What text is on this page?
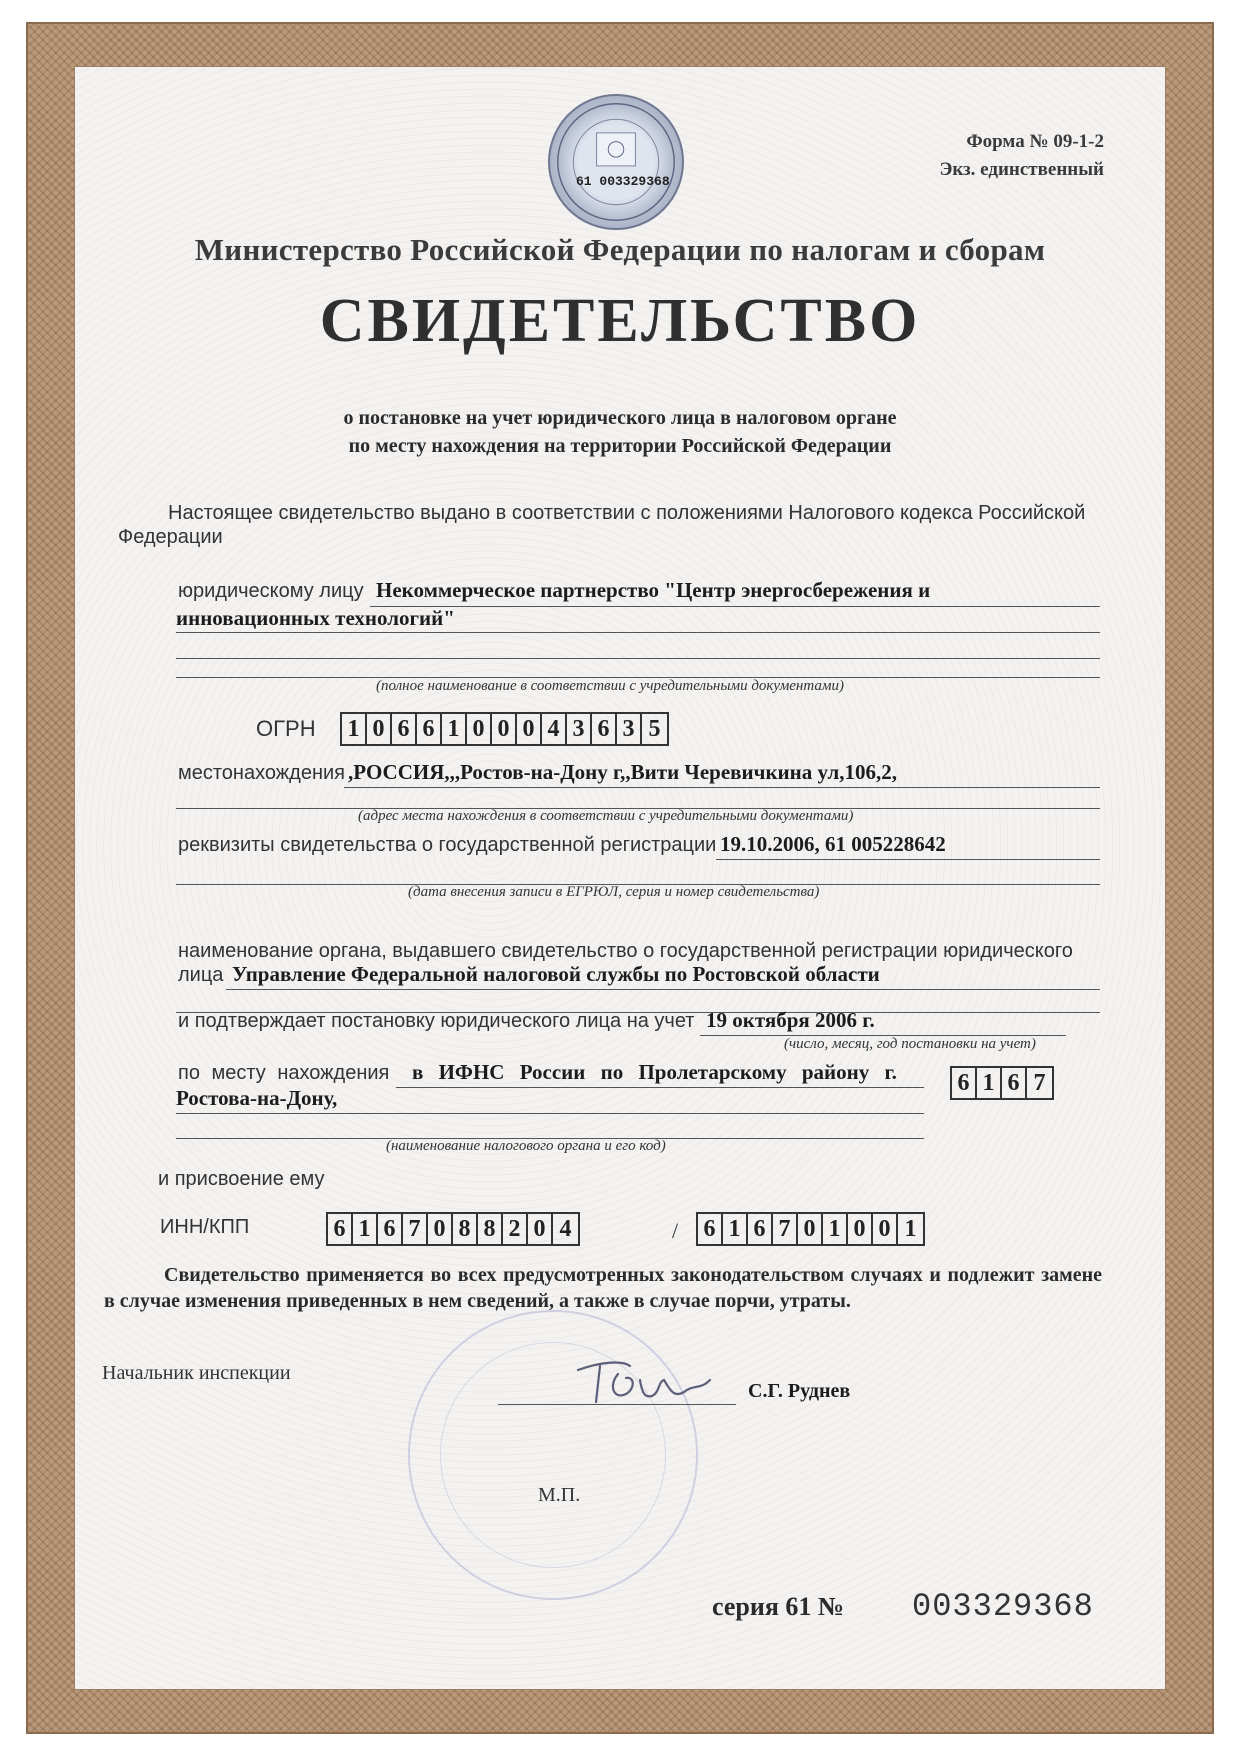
61 003329368
Форма № 09-1-2
Экз. единственный
Министерство Российской Федерации по налогам и сборам
СВИДЕТЕЛЬСТВО
о постановке на учет юридического лица в налоговом органе
по месту нахождения на территории Российской Федерации
Настоящее свидетельство выдано в соответствии с положениями Налогового кодекса Российской
Федерации
юридическому лицу Некоммерческое партнерство "Центр энергосбережения и
инновационных технологий"
(полное наименование в соответствии с учредительными документами)
ОГРН 1 0 6 6 1 0 0 0 4 3 6 3 5
местонахождения ,РОССИЯ,,,Ростов-на-Дону г,,Вити Черевичкина ул,106,2,
(адрес места нахождения в соответствии с учредительными документами)
реквизиты свидетельства о государственной регистрации 19.10.2006, 61 005228642
(дата внесения записи в ЕГРЮЛ, серия и номер свидетельства)
наименование органа, выдавшего свидетельство о государственной регистрации юридического
лица Управление Федеральной налоговой службы по Ростовской области
и подтверждает постановку юридического лица на учет 19 октября 2006 г.
(число, месяц, год постановки на учет)
по месту нахождения в ИФНС России по Пролетарскому району г.
Ростова-на-Дону,
6 1 6 7
(наименование налогового органа и его код)
и присвоение ему
ИНН/КПП	6 1 6 7 0 8 8 2 0 4	/ 6 1 6 7 0 1 0 0 1
Свидетельство применяется во всех предусмотренных законодательством случаях и подлежит замене в случае изменения приведенных в нем сведений, а также в случае порчи, утраты.
Начальник инспекции
С.Г. Руднев
М.П.
серия 61 № 003329368
